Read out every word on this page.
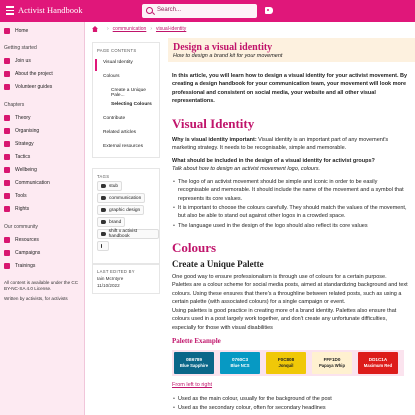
Activist Handbook	Search...
Home
Getting started
Join us
About the project
Volunteer guides
Chapters
Theory
Organising
Strategy
Tactics
Wellbeing
Communication
Tools
Rights
Our community
Resources
Campaigns
Trainings
All content is available under the CC BY-NC-SA 4.0 License.
Written by activists, for activists
› communication › visual-identity
PAGE CONTENTS
Visual Identity
Colours
Create a Unique Pale...
Selecting Colours
Contribute
Related articles
External resources
TAGS
stub
communication
graphic design
brand
shift x activist handbook
LAST EDITED BY
Iain McIntyre
11/10/2022
Design a visual identity
How to design a brand kit for your movement
In this article, you will learn how to design a visual identity for your activist movement. By creating a design handbook for your communication team, your movement will look more professional and consistent on social media, your website and all other visual representations.
Visual Identity
Why is visual identity important: Visual identity is an important part of any movement's marketing strategy. It needs to be recognisable, simple and memorable.
What should be included in the design of a visual identity for activist groups?
Talk about how to design an activist movement logo, colours.
• The logo of an activist movement should be simple and iconic in order to be easily recognisable and memorable. It should include the name of the movement and a symbol that represents its core values.
• It is important to choose the colours carefully. They should match the values of the movement, but also be able to stand out against other logos in a crowded space.
• The language used in the design of the logo should also reflect its core values
Colours
Create a Unique Palette
One good way to ensure professionalism is through use of colours for a certain purpose. Palettes are a colour scheme for social media posts, aimed at standardizing background and text colours. Using these ensures that there's a throughline between related posts, such as using a certain palette (with associated colours) for a single campaign or event.
Using palettes is good practice in creating more of a brand identity. Palettes also ensure that colours used in a post largely work together, and don't create any unfortunate difficulties, especially for those with visual disabilities
Palette Example
0B6789
Blue Sapphire
0760C3
Blue NCS
F0C808
Jonquil
FFF1D0
Papaya Whip
DD1C1A
Maximum Red
From left to right
• Used as the main colour, usually for the background of the post
• Used as the secondary colour, often for secondary headlines
